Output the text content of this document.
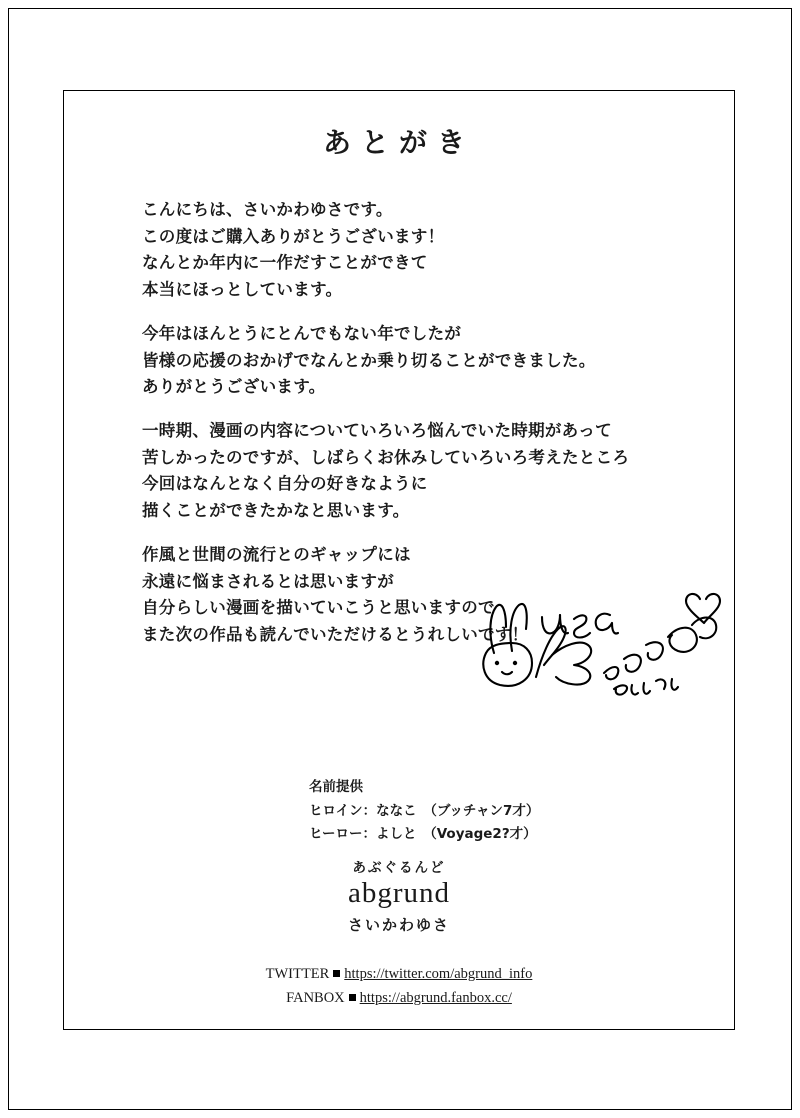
あとがき
こんにちは、さいかわゆさです。
この度はご購入ありがとうございます！
なんとか年内に一作だすことができて
本当にほっとしています。
今年はほんとうにとんでもない年でしたが
皆様の応援のおかげでなんとか乗り切ることができました。
ありがとうございます。
一時期、漫画の内容についていろいろ悩んでいた時期があって
苦しかったのですが、しばらくお休みしていろいろ考えたところ
今回はなんとなく自分の好きなように
描くことができたかなと思います。
作風と世間の流行とのギャップには
永遠に悩まされるとは思いますが
自分らしい漫画を描いていこうと思いますので
また次の作品も読んでいただけるとうれしいです！
名前提供
ヒロイン：ななこ　（ブッチャン7才）
ヒーロー：よしと　（Voyage2?才）
あぶぐるんど
abgrund
さいかわゆさ
TWITTER https://twitter.com/abgrund_info
FANBOX https://abgrund.fanbox.cc/
